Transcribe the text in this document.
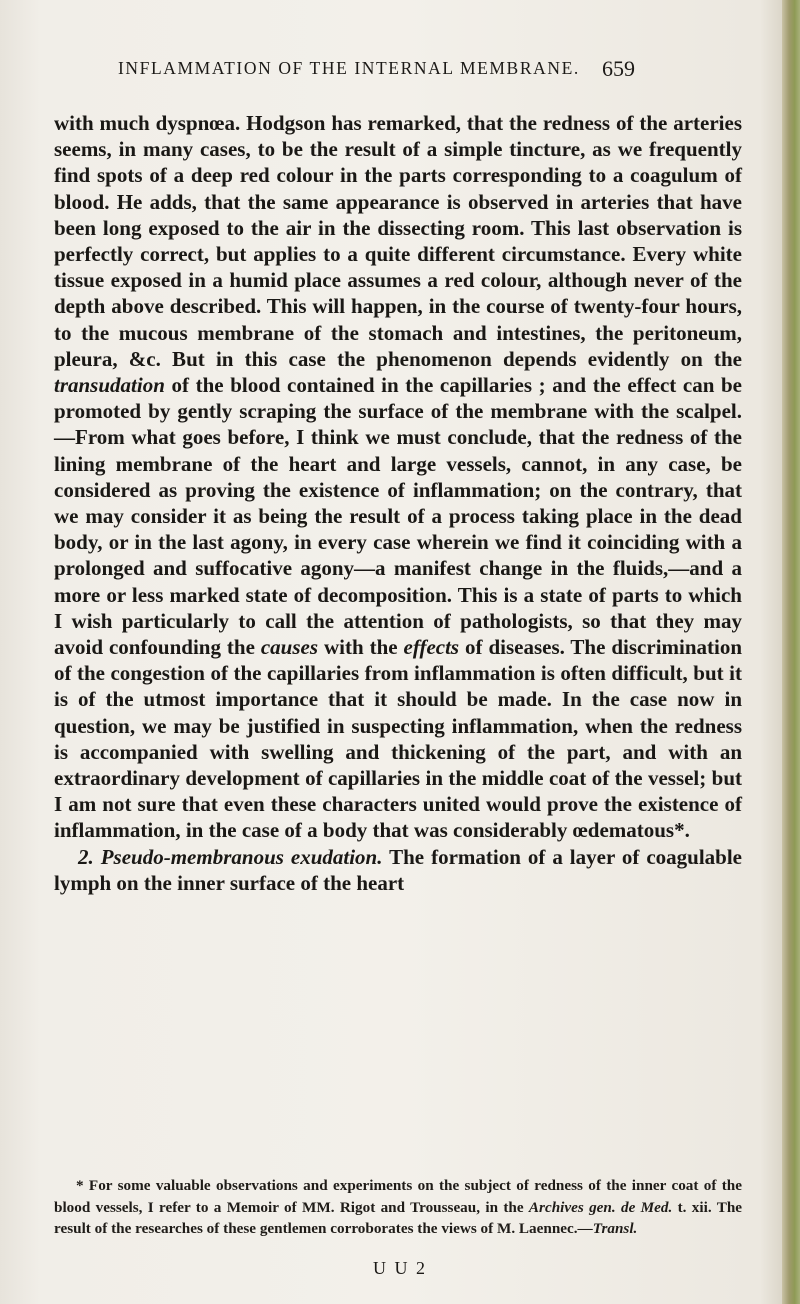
INFLAMMATION OF THE INTERNAL MEMBRANE. 659

with much dyspnœa. Hodgson has remarked, that the redness of the arteries seems, in many cases, to be the result of a simple tincture, as we frequently find spots of a deep red colour in the parts corresponding to a coagulum of blood. He adds, that the same appearance is observed in arteries that have been long exposed to the air in the dissecting room. This last observation is perfectly correct, but applies to a quite different circumstance. Every white tissue exposed in a humid place assumes a red colour, although never of the depth above described. This will happen, in the course of twenty-four hours, to the mucous membrane of the stomach and intestines, the peritoneum, pleura, &c. But in this case the phenomenon depends evidently on the transudation of the blood contained in the capillaries ; and the effect can be promoted by gently scraping the surface of the membrane with the scalpel.—From what goes before, I think we must conclude, that the redness of the lining membrane of the heart and large vessels, cannot, in any case, be considered as proving the existence of inflammation; on the contrary, that we may consider it as being the result of a process taking place in the dead body, or in the last agony, in every case wherein we find it coinciding with a prolonged and suffocative agony—a manifest change in the fluids,—and a more or less marked state of decomposition. This is a state of parts to which I wish particularly to call the attention of pathologists, so that they may avoid confounding the causes with the effects of diseases. The discrimination of the congestion of the capillaries from inflammation is often difficult, but it is of the utmost importance that it should be made. In the case now in question, we may be justified in suspecting inflammation, when the redness is accompanied with swelling and thickening of the part, and with an extraordinary development of capillaries in the middle coat of the vessel; but I am not sure that even these characters united would prove the existence of inflammation, in the case of a body that was considerably œdematous*.

2. Pseudo-membranous exudation. The formation of a layer of coagulable lymph on the inner surface of the heart

* For some valuable observations and experiments on the subject of redness of the inner coat of the blood vessels, I refer to a Memoir of MM. Rigot and Trousseau, in the Archives gen. de Med. t. xii. The result of the researches of these gentlemen corroborates the views of M. Laennec.—Transl.
U U 2
